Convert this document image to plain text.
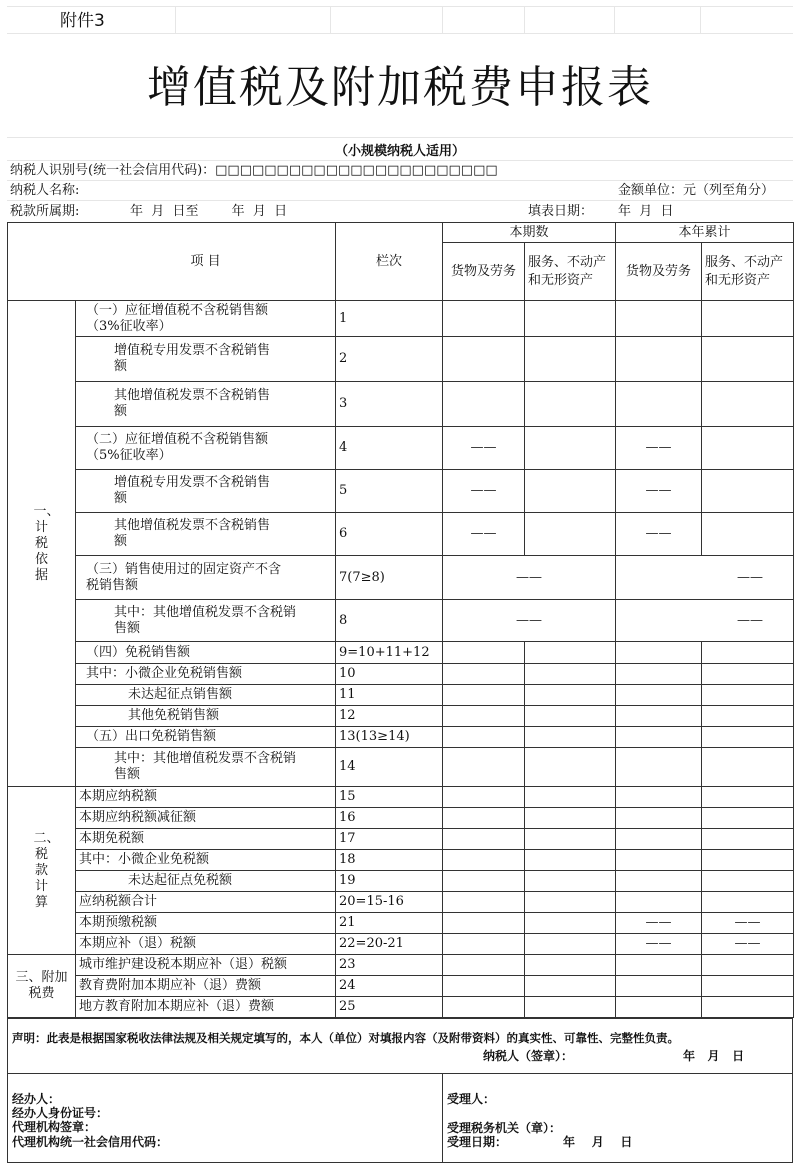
附件3
增值税及附加税费申报表
（小规模纳税人适用）
纳税人识别号(统一社会信用代码)：□□□□□□□□□□□□□□□□□□□□□□□
纳税人名称:	金额单位：元（列至角分）
税款所属期:	年  月  日至        年  月  日	填表日期： 年  月  日
项 目		栏次	本期数		本年累计	
			货物及劳务	服务、不动产和无形资产	货物及劳务	服务、不动产和无形资产
一、计税依据	（一）应征增值税不含税销售额（3%征收率）	1				
	增值税专用发票不含税销售额	2				
	其他增值税发票不含税销售额	3				
	（二）应征增值税不含税销售额（5%征收率）	4	——		——	
	增值税专用发票不含税销售额	5	——		——	
	其他增值税发票不含税销售额	6	——		——	
	（三）销售使用过的固定资产不含税销售额	7(7≥8)	——		——	
	其中：其他增值税发票不含税销售额	8	——		——	
	（四）免税销售额	9=10+11+12				
	其中：小微企业免税销售额	10				
	未达起征点销售额	11				
	其他免税销售额	12				
	（五）出口免税销售额	13(13≥14)				
	其中：其他增值税发票不含税销售额	14				
二、税款计算	本期应纳税额	15				
	本期应纳税额减征额	16				
	本期免税额	17				
	其中：小微企业免税额	18				
	未达起征点免税额	19				
	应纳税额合计	20=15-16				
	本期预缴税额	21			——	——
	本期应补（退）税额	22=20-21			——	——
三、附加税费	城市维护建设税本期应补（退）税额	23				
	教育费附加本期应补（退）费额	24				
	地方教育附加本期应补（退）费额	25				
声明：此表是根据国家税收法律法规及相关规定填写的，本人（单位）对填报内容（及附带资料）的真实性、可靠性、完整性负责。
纳税人（签章）：	年   月   日
经办人：
经办人身份证号：
代理机构签章：
代理机构统一社会信用代码：
受理人：
受理税务机关（章）：
受理日期：	年    月    日
